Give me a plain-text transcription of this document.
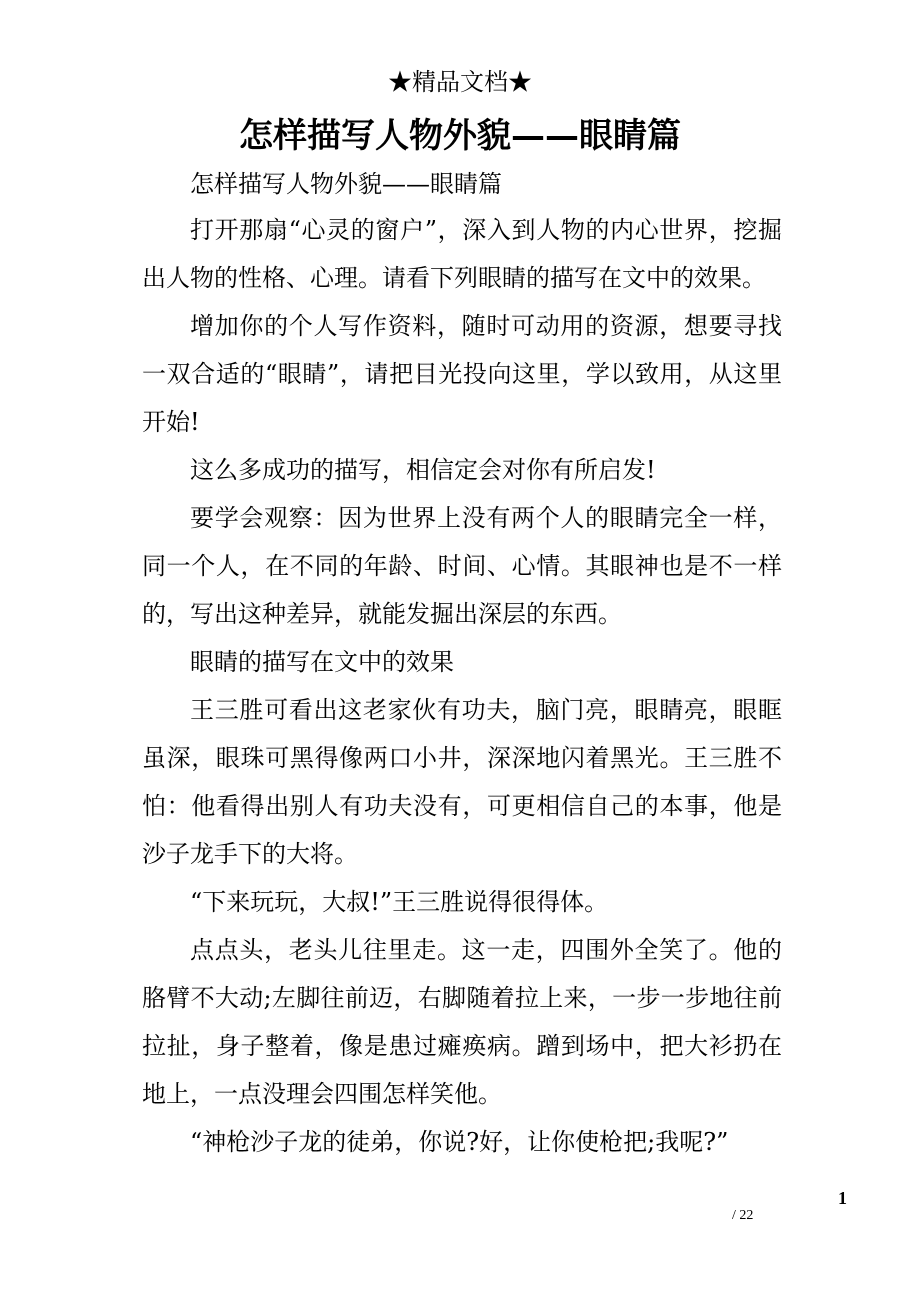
★精品文档★
怎样描写人物外貌——眼睛篇

怎样描写人物外貌——眼睛篇

打开那扇“心灵的窗户”，深入到人物的内心世界，挖掘出人物的性格、心理。请看下列眼睛的描写在文中的效果。

增加你的个人写作资料，随时可动用的资源，想要寻找一双合适的“眼睛”，请把目光投向这里，学以致用，从这里开始!

这么多成功的描写，相信定会对你有所启发!

要学会观察：因为世界上没有两个人的眼睛完全一样，同一个人，在不同的年龄、时间、心情。其眼神也是不一样的，写出这种差异，就能发掘出深层的东西。

眼睛的描写在文中的效果

王三胜可看出这老家伙有功夫，脑门亮，眼睛亮，眼眶虽深，眼珠可黑得像两口小井，深深地闪着黑光。王三胜不怕：他看得出别人有功夫没有，可更相信自己的本事，他是沙子龙手下的大将。

“下来玩玩，大叔!”王三胜说得很得体。

点点头，老头儿往里走。这一走，四围外全笑了。他的胳臂不大动;左脚往前迈，右脚随着拉上来，一步一步地往前拉扯，身子整着，像是患过瘫痪病。蹭到场中，把大衫扔在地上，一点没理会四围怎样笑他。

“神枪沙子龙的徒弟，你说?好，让你使枪把;我呢?”

1
/ 22
